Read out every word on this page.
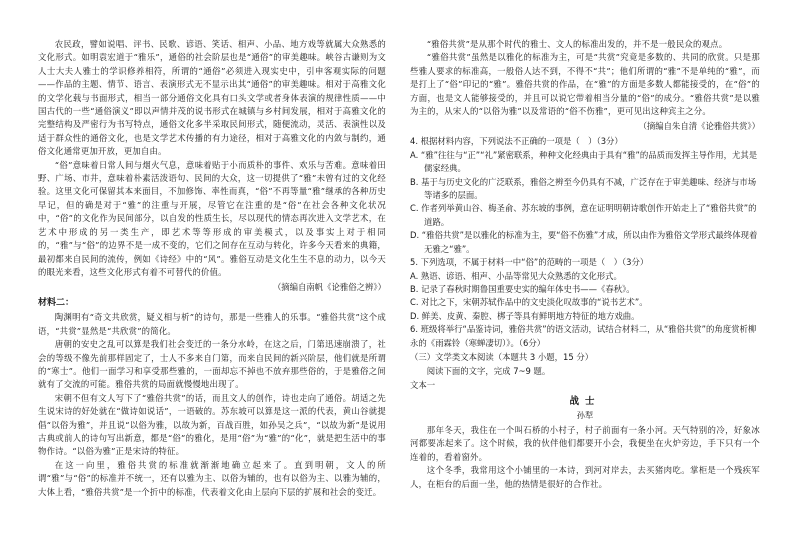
农民政，譬如说唱、评书、民歌、谚语、笑话、相声、小品、地方戏等就属大众熟悉的文化形式。如明袁宏道于“雅乐”，通俗的社会阶层也是“通俗”的审美趣味。峡谷古谦则为文人士大夫人雅士的学识修养相符，所谓的“通俗”必须进入现实史中，引申客观实际的问题——作品的主题、情节、语言、表演形式无不显示出其“通俗”的审美趣味。相对于高雅文化的文学化载与书面形式，相当一部分通俗文化具有口头文学或者身体表演的规律性质——中国古代的一些“通俗演义”即以声情并茂的说书形式在城镇与乡村间发展，相对于高雅文化的完整结构及严密行为书写特点，通俗文化多半采取民间形式，随便流动，灵活、表演性以及适于群众性的通俗文化，也是文学艺术传播的有力途径，相对于高雅文化的内敛与制约，通俗文化通常更加开放，更加自由。

“俗”意味着日常人间与烟火气息，意味着贴于小而质朴的事件、欢乐与苦难。意味着田野、广场、市井，意味着朴素活泼语句、民间的大众，这一切提供了“雅”未曾有过的文化经验。这里文化可保留其本来面目，不加修饰、率性而真，“俗”不再等量“雅”继承的各种历史早记，但的确是对于“雅”的注重与开展，尽管它在注重的是“俗”在社会各种文化状况中，“俗”的文化作为民间部分，以自发的性质生长，尽以现代的情态再次进入文学艺术，在艺术中形成的另一类生产，即艺术等等形成的审美模式，以及事实上对于相同的，“雅”与“俗”的边界不是一成不变的，它们之间存在互动与转化，许多今天看来的典籍，最初都来自民间的流传，例如《诗经》中的“风”。雅俗互动是文化生生不息的动力，以今天的眼光来看，这些文化形式有着不可替代的价值。

（摘编自南帆《论雅俗之辨》）

材料二：

陶渊明有“奇文共欣赏，疑义相与析”的诗句，那是一些雅人的乐事。“雅俗共赏”这个成语，“共赏”显然是“共欣赏”的简化。

唐朝的安史之乱可以算是我们社会变迁的一条分水岭，在这之后，门第迅速崩溃了，社会的等级不像先前那样固定了，士人不多来自门第，而来自民间的新兴阶层，他们就是所谓的“寒士”。他们一面学习和享受那些雅的，一面却忘不掉也不放弃那些俗的，于是雅俗之间就有了交流的可能。雅俗共赏的局面就慢慢地出现了。

宋朝不但有文人写下了“雅俗共赏”的话，而且文人的创作，诗也走向了通俗。胡适之先生说宋诗的好处就在“做诗如说话”，一语破的。苏东坡可以算是这一派的代表，黄山谷就提倡“以俗为雅”，并且说“以俗为雅，以故为新，百战百胜，如孙吴之兵”，“以故为新”是说用古典或前人的诗句写出新意，都是“俗”的雅化，是用“俗”为“雅”的“化”，就是把生活中的事物作诗。“以俗为雅”正是宋诗的特征。

在这一向里，雅俗共赏的标准就渐渐地确立起来了。直到明朝，文人的所谓“雅”与“俗”的标准并不统一，还有以雅为主、以俗为辅的，也有以俗为主、以雅为辅的，大体上看，“雅俗共赏”是一个折中的标准，代表着文化由上层向下层的扩展和社会的变迁。

“雅俗共赏”是从那个时代的雅士、文人的标准出发的，并不是一般民众的观点。

“雅俗共赏”虽然是以雅化的标准为主，可是“共赏”究竟是多数的、共同的欣赏。只是那些雅人要求的标准高，一般俗人达不到，不得不“共”；他们所谓的“雅”不是单纯的“雅”，而是打上了“俗”印记的“雅”。雅俗共赏的作品，在“雅”的方面是多数人都能接受的，在“俗”的方面，也是文人能够接受的，并且可以说它带着相当分量的“俗”的成分。“雅俗共赏”是以雅为主的，从宋人的“以俗为雅”以及常语的“俗不伤雅”，更可见出这种宾主之分。

（摘编自朱自清《论雅俗共赏》）

4. 根据材料内容，下列说法不正确的一项是（　）（3分）

A. “雅”往往与“正”“礼”紧密联系，种种文化经典由于具有“雅”的品质而发挥主导作用，尤其是儒家经典。

B. 基于与历史文化的广泛联系，雅俗之辨至今仍具有不减，广泛存在于审美趣味、经济与市场等诸多的层面。

C. 作者列举黄山谷、梅圣俞、苏东坡的事例，意在证明明朝诗歌创作开始走上了“雅俗共赏”的道路。

D. “雅俗共赏”是以雅化的标准为主，要“俗不伤雅”才成，所以由作为雅俗文学形式最终体现着无雅之“雅”。

5. 下列选项，不属于材料一中“俗”的范畴的一项是（　）（3分）

A. 熟语、谚语、相声、小品等常见大众熟悉的文化形式。

B. 记录了春秋时期鲁国重要史实的编年体史书——《春秋》。

C. 对比之下，宋朝苏轼作品中的文史淡化叹故事的“说书艺术”。

D. 鲜美、皮黄、秦腔、梆子等具有鲜明地方特征的地方戏曲。

6. 班级将举行“品鉴诗词，雅俗共赏”的语文活动，试结合材料二，从“雅俗共赏”的角度赏析柳永的《雨霖铃（寒蝉凄切）》。（6分）

（三）文学类文本阅读（本题共 3 小题，15 分）

阅读下面的文字，完成 7~9 题。

文本一

战士

孙犁

那年冬天，我住在一个叫石桥的小村子，村子前面有一条小河。天气特别的冷，好象冰河都要冻起来了。这个时候，我的伙伴他们都要开小会，我便坐在火炉旁边，手下只有一个连着的，看着窗外。

这个冬季，我常用这个小铺里的一本诗，到河对岸去，去买猪肉吃。掌柜是一个残疾军人，在柜台的后面一坐，他的热情是很好的合作社。
